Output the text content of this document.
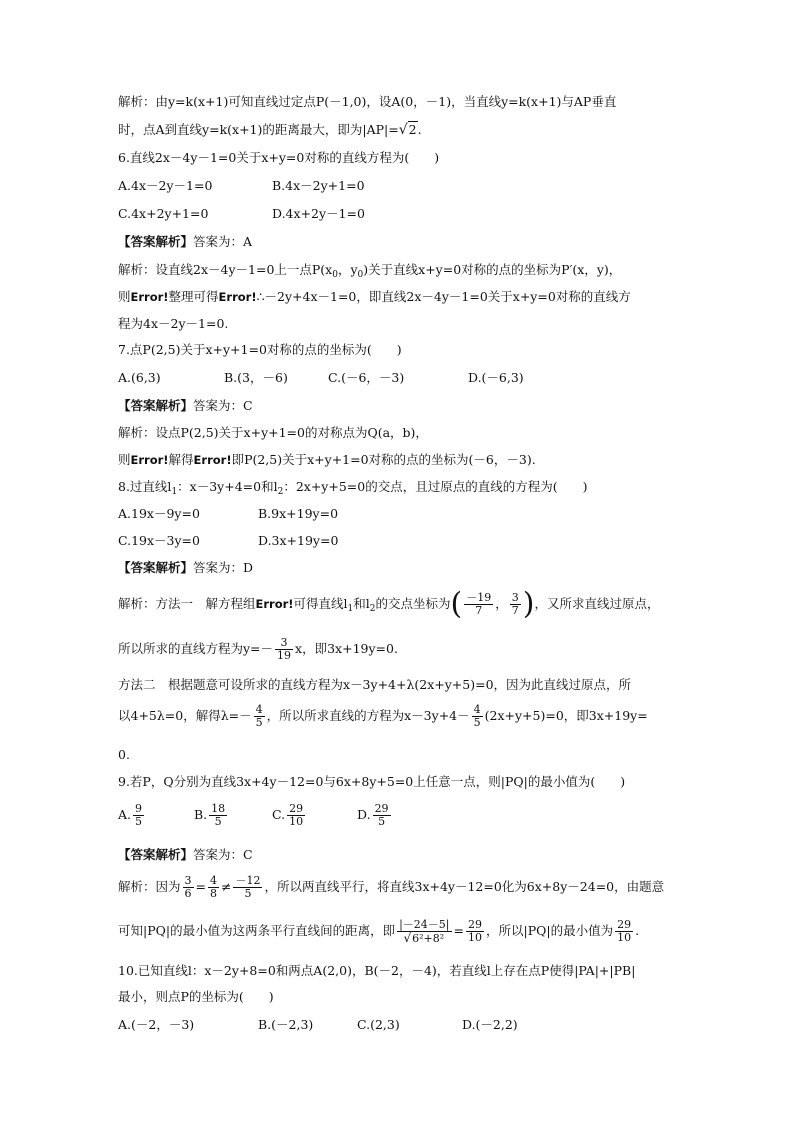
解析：由y=k(x+1)可知直线过定点P(－1,0)，设A(0，－1)，当直线y=k(x+1)与AP垂直
时，点A到直线y=k(x+1)的距离最大，即为|AP|=√2.
6.直线2x－4y－1=0关于x+y=0对称的直线方程为(　　)
A.4x－2y－1=0	B.4x－2y+1=0
C.4x+2y+1=0	D.4x+2y－1=0
【答案解析】答案为：A
解析：设直线2x－4y－1=0上一点$P(x_0$，$y_0$)关于直线x+y=0对称的点的坐标为P′(x，y)，
则Error!整理可得Error!∴－2y+4x－1=0，即直线2x－4y－1=0关于x+y=0对称的直线方
程为4x－2y－1=0.
7.点P(2,5)关于x+y+1=0对称的点的坐标为(　　)
A.(6,3)	B.(3，－6)	C.(－6，－3)	D.(－6,3)
【答案解析】答案为：C
解析：设点P(2,5)关于x+y+1=0的对称点为Q(a，b)，
则Error!解得Error!即P(2,5)关于x+y+1=0对称的点的坐标为(－6，－3).
8.过直线$l_1$：x－3y+4=0和$l_2$：2x+y+5=0的交点，且过原点的直线的方程为(　　)
A.19x－9y=0	B.9x+19y=0
C.19x－3y=0	D.3x+19y=0
【答案解析】答案为：D
解析：方法一　解方程组Error!可得直线$l_1$和$l_2$的交点坐标为( $\frac{-19}{7}$ ， $\frac{3}{7}$ )，又所求直线过原点，
所以所求的直线方程为$y=- \frac{3}{19}$ x，即3x+19y=0.
方法二　根据题意可设所求的直线方程为x－3y+4+λ(2x+y+5)=0，因为此直线过原点，所
以4+5λ=0，解得$\lambda=- \frac{4}{5}$ ，所以所求直线的方程为$x-3y+4- \frac{4}{5} (2x+y+5)=0$，即3x+19y=
0.
9.若P，Q分别为直线3x+4y－12=0与6x+8y+5=0上任意一点，则|PQ|的最小值为(　　)
A. $\frac{9}{5}$	B. $\frac{18}{5}$	C. $\frac{29}{10}$	D. $\frac{29}{5}$
【答案解析】答案为：C
解析：因为 $\frac{3}{6} = \frac{4}{8} \ne \frac{-12}{5}$ ，所以两直线平行，将直线3x+4y－12=0化为6x+8y－24=0，由题意
可知|PQ|的最小值为这两条平行直线间的距离，即 $\frac{|-24-5|}{\text{√6²+8²}} = \frac{29}{10}$ ，所以|PQ|的最小值为 $\frac{29}{10}$ .
10.已知直线l：x－2y+8=0和两点A(2,0)，B(－2，－4)，若直线l上存在点P使得|PA|+|PB|
最小，则点P的坐标为(　　)
A.(－2，－3)	B.(－2,3)	C.(2,3)	D.(－2,2)
